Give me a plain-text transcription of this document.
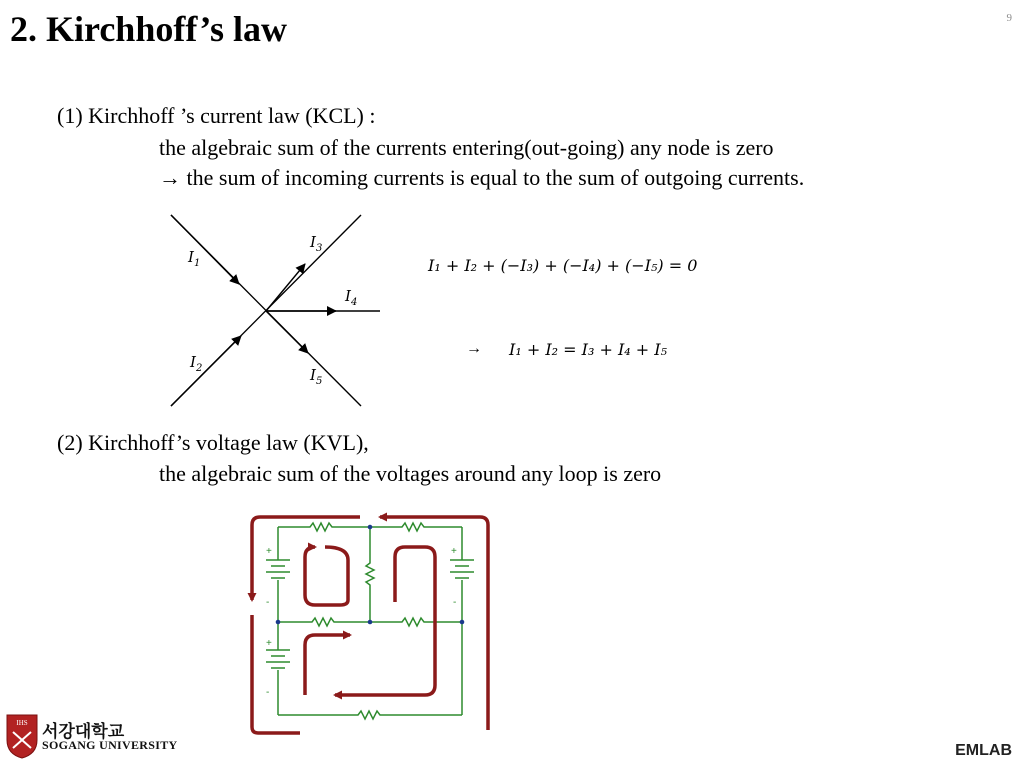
2. Kirchhoff’s law	9
(1) Kirchhoff ’s current law (KCL) :
the algebraic sum of the currents entering(out-going) any node is zero
→ the sum of incoming currents is equal to the sum of outgoing currents.
$I_1$
$I_2$
$I_3$
$I_4$
$I_5$
I₁ + I₂ + (−I₃) + (−I₄) + (−I₅) = 0
→ I₁ + I₂ = I₃ + I₄ + I₅
(2) Kirchhoff’s voltage law (KVL),
the algebraic sum of the voltages around any loop is zero
+
-
+
-
+
-
IHS 서강대학교
SOGANG UNIVERSITY	EMLAB
